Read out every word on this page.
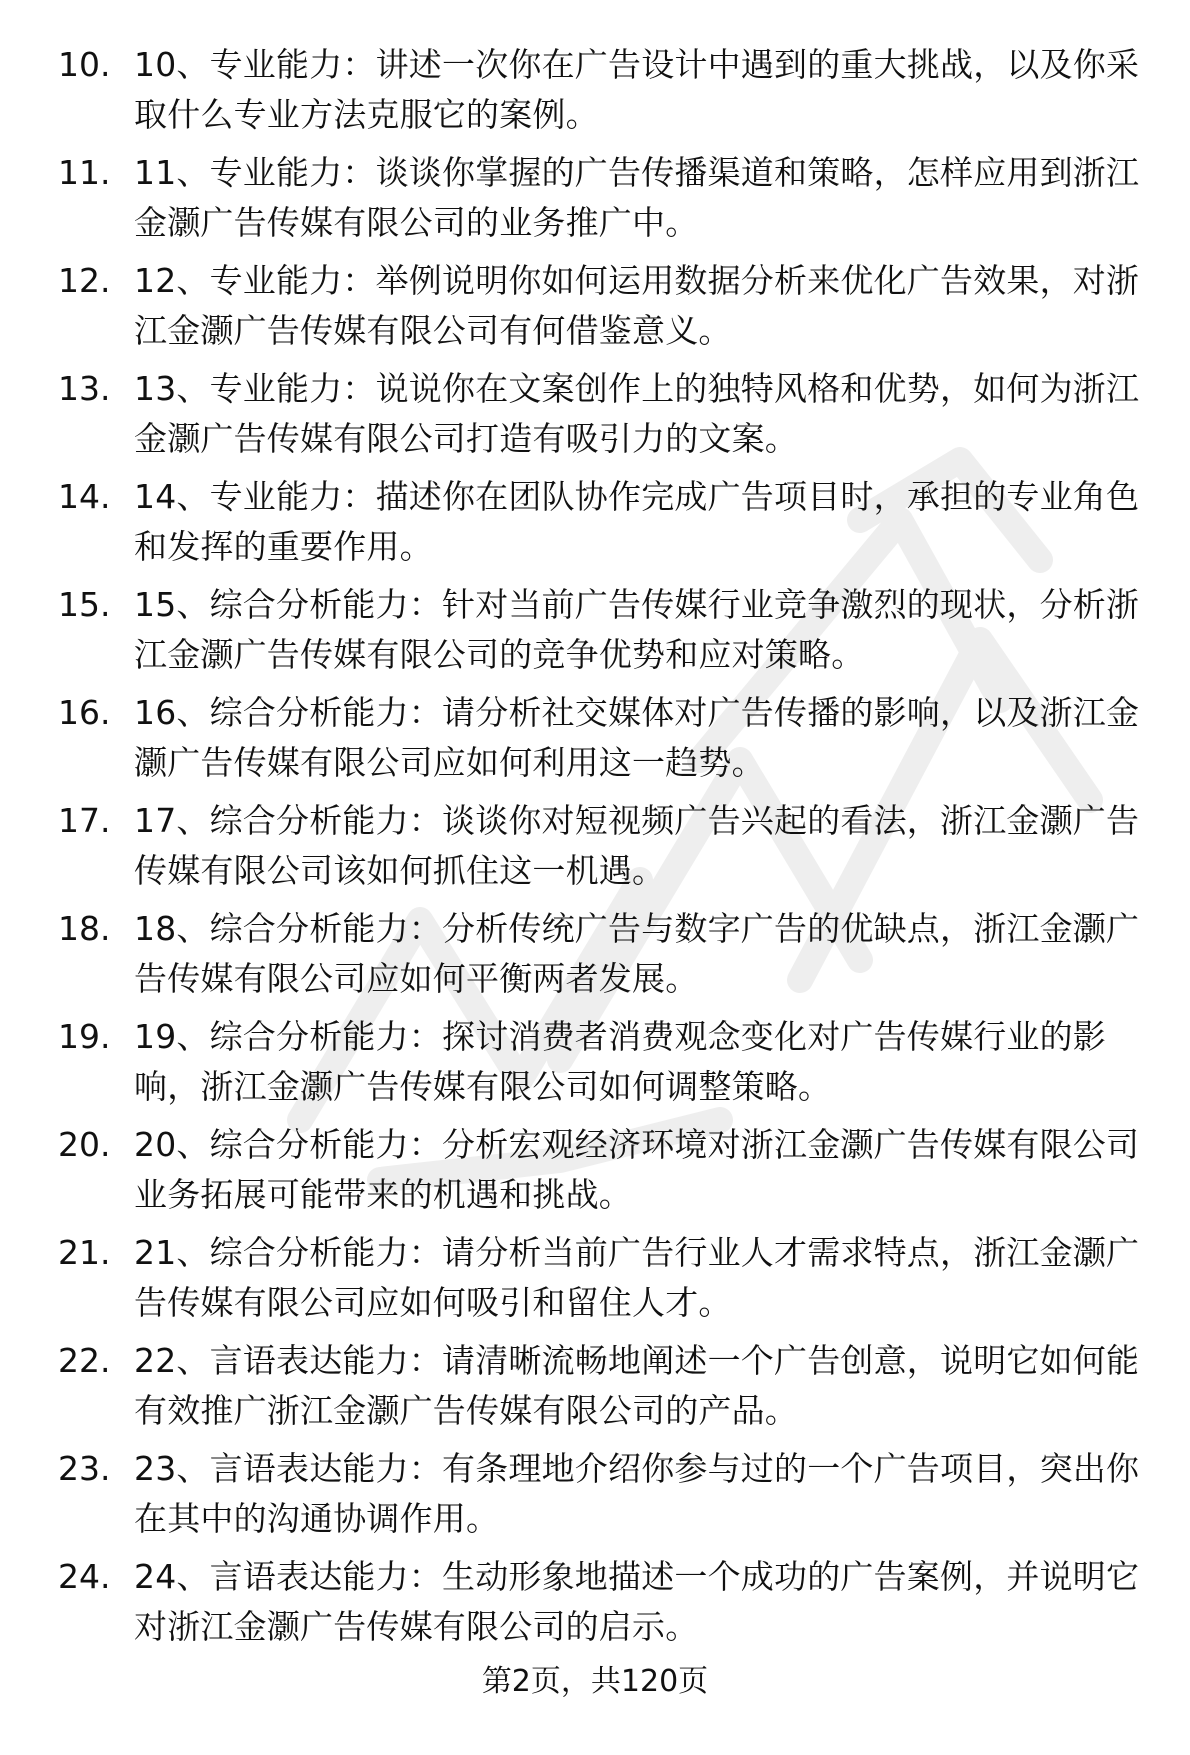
10. 10、专业能力：讲述一次你在广告设计中遇到的重大挑战，以及你采取什么专业方法克服它的案例。
11. 11、专业能力：谈谈你掌握的广告传播渠道和策略，怎样应用到浙江金灏广告传媒有限公司的业务推广中。
12. 12、专业能力：举例说明你如何运用数据分析来优化广告效果，对浙江金灏广告传媒有限公司有何借鉴意义。
13. 13、专业能力：说说你在文案创作上的独特风格和优势，如何为浙江金灏广告传媒有限公司打造有吸引力的文案。
14. 14、专业能力：描述你在团队协作完成广告项目时，承担的专业角色和发挥的重要作用。
15. 15、综合分析能力：针对当前广告传媒行业竞争激烈的现状，分析浙江金灏广告传媒有限公司的竞争优势和应对策略。
16. 16、综合分析能力：请分析社交媒体对广告传播的影响，以及浙江金灏广告传媒有限公司应如何利用这一趋势。
17. 17、综合分析能力：谈谈你对短视频广告兴起的看法，浙江金灏广告传媒有限公司该如何抓住这一机遇。
18. 18、综合分析能力：分析传统广告与数字广告的优缺点，浙江金灏广告传媒有限公司应如何平衡两者发展。
19. 19、综合分析能力：探讨消费者消费观念变化对广告传媒行业的影响，浙江金灏广告传媒有限公司如何调整策略。
20. 20、综合分析能力：分析宏观经济环境对浙江金灏广告传媒有限公司业务拓展可能带来的机遇和挑战。
21. 21、综合分析能力：请分析当前广告行业人才需求特点，浙江金灏广告传媒有限公司应如何吸引和留住人才。
22. 22、言语表达能力：请清晰流畅地阐述一个广告创意，说明它如何能有效推广浙江金灏广告传媒有限公司的产品。
23. 23、言语表达能力：有条理地介绍你参与过的一个广告项目，突出你在其中的沟通协调作用。
24. 24、言语表达能力：生动形象地描述一个成功的广告案例，并说明它对浙江金灏广告传媒有限公司的启示。
第2页，共120页
